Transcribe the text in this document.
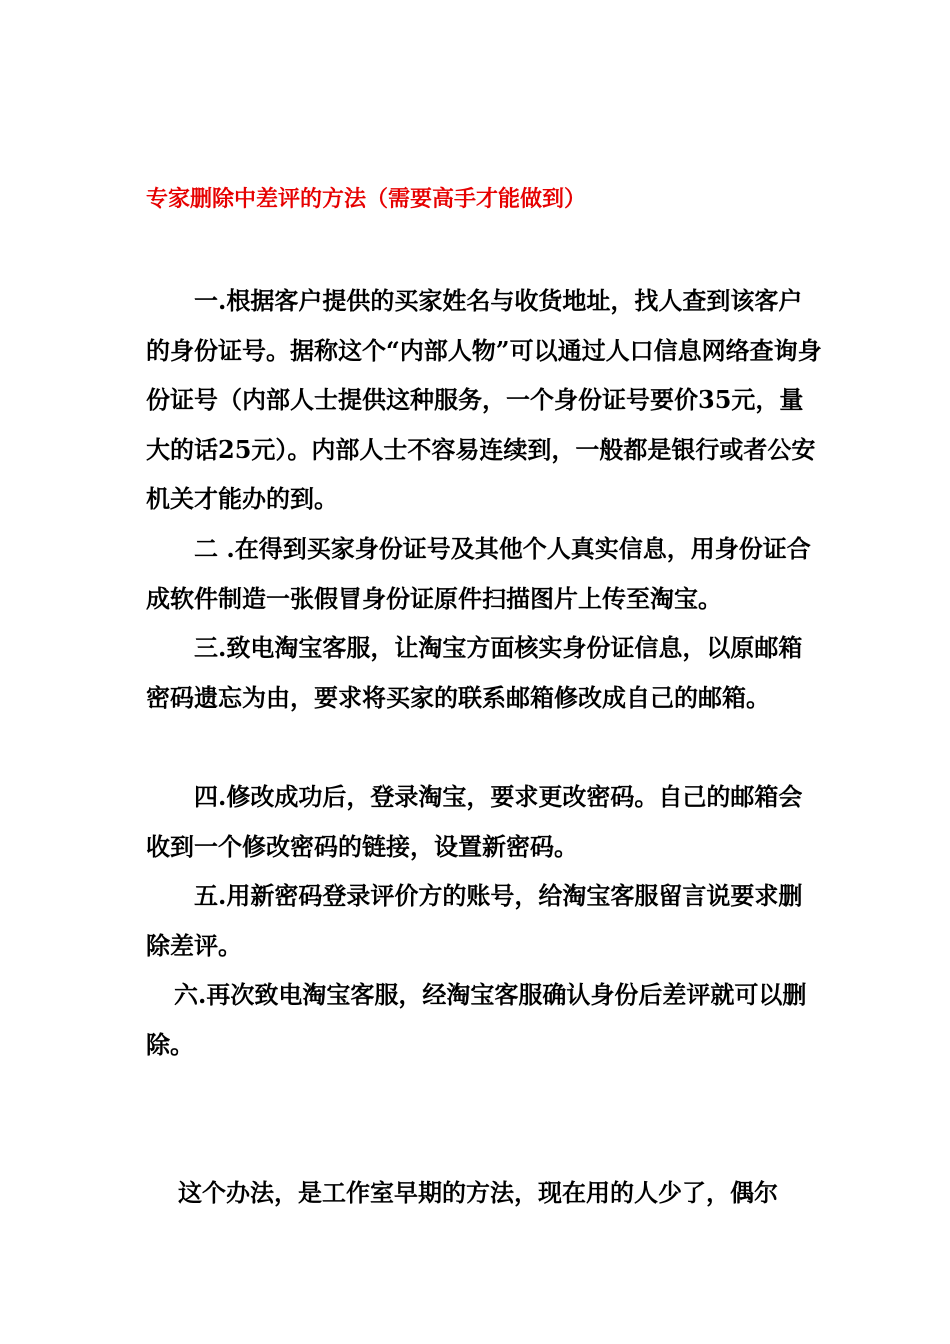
专家删除中差评的方法（需要高手才能做到）
一.根据客户提供的买家姓名与收货地址，找人查到该客户的身份证号。据称这个“内部人物”可以通过人口信息网络查询身份证号（内部人士提供这种服务，一个身份证号要价35元，量大的话25元）。内部人士不容易连续到，一般都是银行或者公安机关才能办的到。
二 .在得到买家身份证号及其他个人真实信息，用身份证合成软件制造一张假冒身份证原件扫描图片上传至淘宝。
三.致电淘宝客服，让淘宝方面核实身份证信息，以原邮箱密码遗忘为由，要求将买家的联系邮箱修改成自己的邮箱。
四.修改成功后，登录淘宝，要求更改密码。自己的邮箱会收到一个修改密码的链接，设置新密码。
五.用新密码登录评价方的账号，给淘宝客服留言说要求删除差评。
六.再次致电淘宝客服，经淘宝客服确认身份后差评就可以删除。
这个办法，是工作室早期的方法，现在用的人少了，偶尔
